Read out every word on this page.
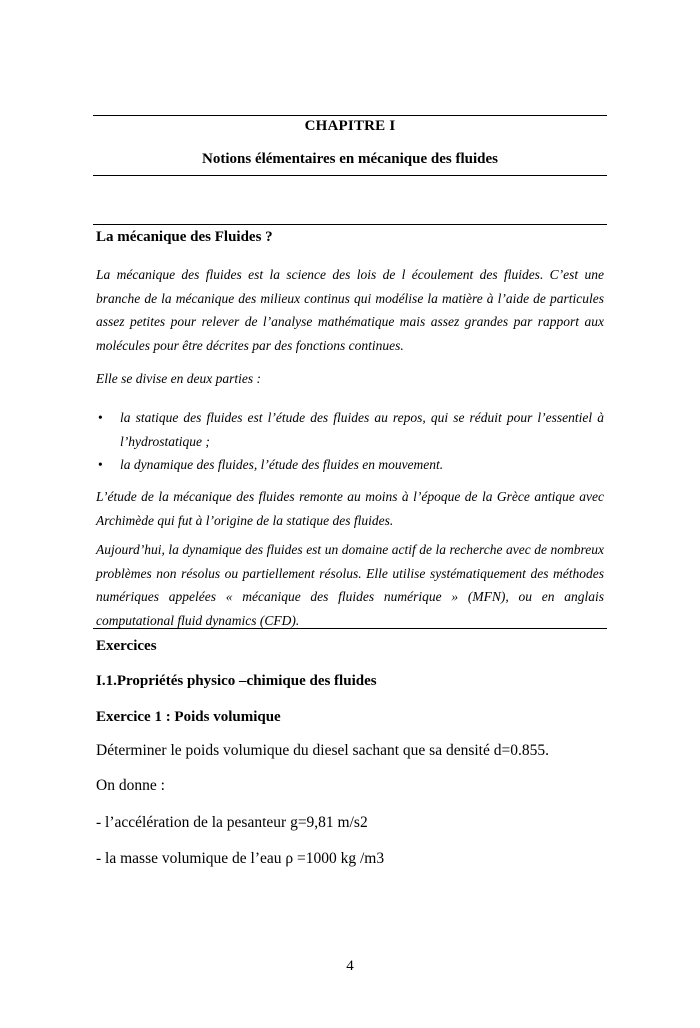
CHAPITRE I
Notions élémentaires en mécanique des fluides
La mécanique des Fluides ?

La mécanique des fluides est la science des lois de l écoulement des fluides. C’est une branche de la mécanique des milieux continus qui modélise la matière à l’aide de particules assez petites pour relever de l’analyse mathématique mais assez grandes par rapport aux molécules pour être décrites par des fonctions continues.

Elle se divise en deux parties :

• la statique des fluides est l’étude des fluides au repos, qui se réduit pour l’essentiel à l’hydrostatique ;
• la dynamique des fluides, l’étude des fluides en mouvement.

L’étude de la mécanique des fluides remonte au moins à l’époque de la Grèce antique avec Archimède qui fut à l’origine de la statique des fluides.

Aujourd’hui, la dynamique des fluides est un domaine actif de la recherche avec de nombreux problèmes non résolus ou partiellement résolus. Elle utilise systématiquement des méthodes numériques appelées « mécanique des fluides numérique » (MFN), ou en anglais computational fluid dynamics (CFD).

Exercices
I.1.Propriétés physico –chimique des fluides
Exercice 1 : Poids volumique
Déterminer le poids volumique du diesel sachant que sa densité d=0.855.
On donne :
- l’accélération de la pesanteur g=9,81 m/s2
- la masse volumique de l’eau ρ =1000 kg /m3
4
